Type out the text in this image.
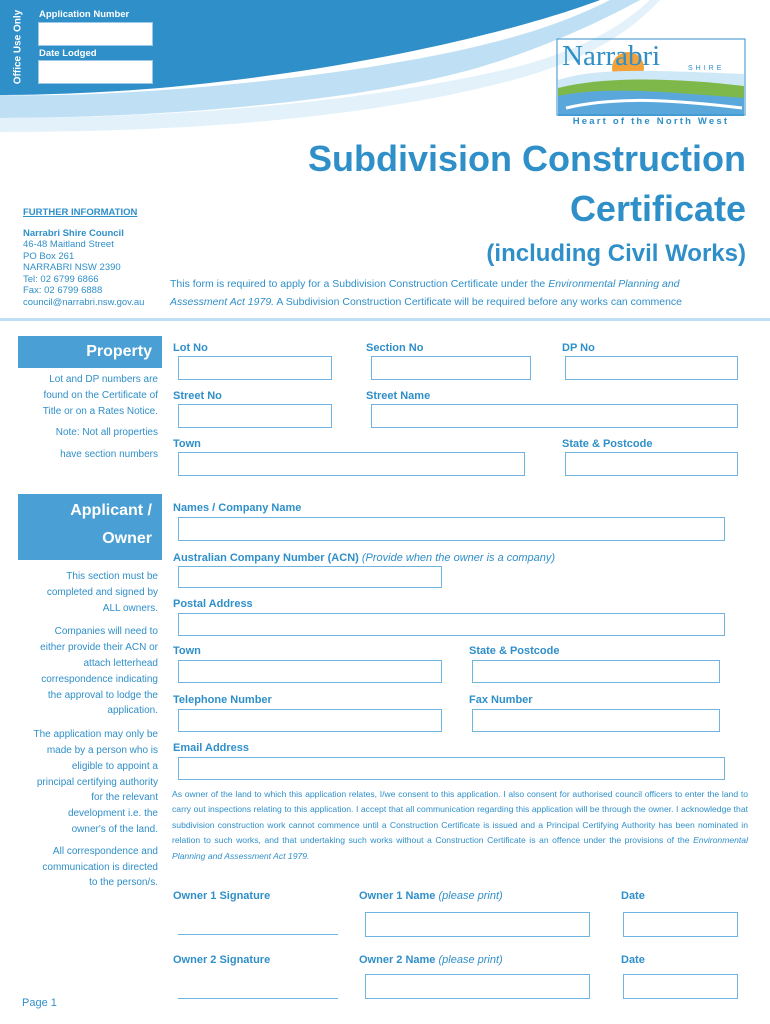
Office Use Only Application Number
Date Lodged	Narrabri	SHIRE
Heart of the North West
Subdivision Construction
Certificate
(including Civil Works)
FURTHER INFORMATION
Narrabri Shire Council
46-48 Maitland Street
PO Box 261
NARRABRI NSW 2390
Tel: 02 6799 6866
Fax: 02 6799 6888
council@narrabri.nsw.gov.au
This form is required to apply for a Subdivision Construction Certificate under the Environmental Planning and
Assessment Act 1979. A Subdivision Construction Certificate will be required before any works can commence
Property
Lot and DP numbers are
found on the Certificate of
Title or on a Rates Notice.
Note: Not all properties
have section numbers
Lot No	Section No	DP No
Street No	Street Name
Town	State & Postcode
Applicant /
Owner
This section must be
completed and signed by
ALL owners.
Companies will need to
either provide their ACN or
attach letterhead
correspondence indicating
the approval to lodge the
application.
The application may only be
made by a person who is
eligible to appoint a
principal certifying authority
for the relevant
development i.e. the
owner's of the land.
All correspondence and
communication is directed
to the person/s.
Names / Company Name
Australian Company Number (ACN) (Provide when the owner is a company)
Postal Address
Town	State & Postcode
Telephone Number	Fax Number
Email Address
As owner of the land to which this application relates, I/we consent to this application. I also consent for authorised council officers to enter the land to carry out inspections relating to this application. I accept that all communication regarding this application will be through the owner. I acknowledge that subdivision construction work cannot commence until a Construction Certificate is issued and a Principal Certifying Authority has been nominated in relation to such works, and that undertaking such works without a Construction Certificate is an offence under the provisions of the Environmental Planning and Assessment Act 1979.
Owner 1 Signature	Owner 1 Name (please print)	Date
Owner 2 Signature	Owner 2 Name (please print)	Date
Page 1
